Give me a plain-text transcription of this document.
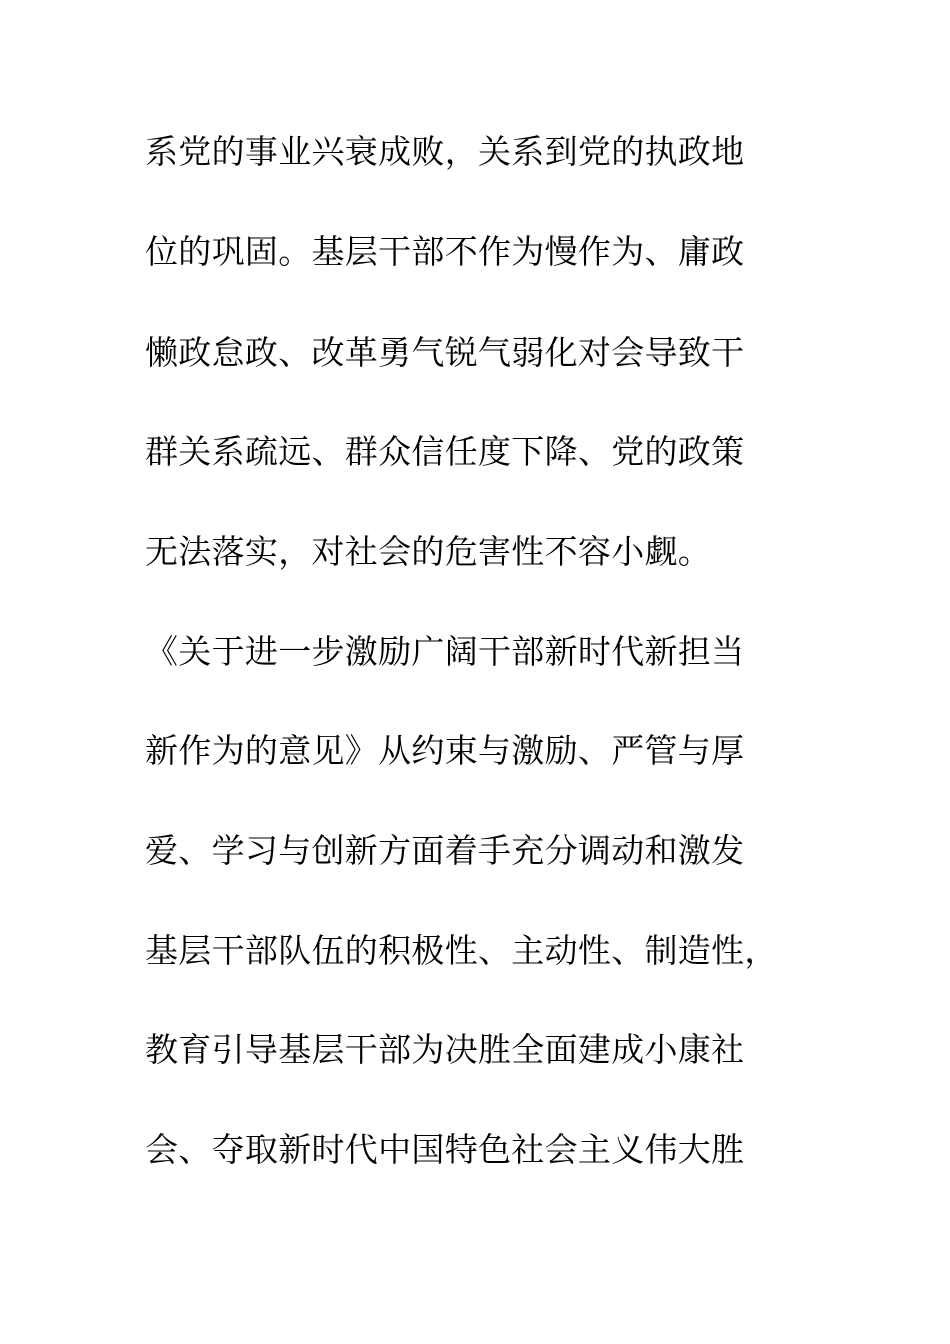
系党的事业兴衰成败，关系到党的执政地
位的巩固。基层干部不作为慢作为、庸政
懒政怠政、改革勇气锐气弱化对会导致干
群关系疏远、群众信任度下降、党的政策
无法落实，对社会的危害性不容小觑。
《关于进一步激励广阔干部新时代新担当
新作为的意见》从约束与激励、严管与厚
爱、学习与创新方面着手充分调动和激发
基层干部队伍的积极性、主动性、制造性，
教育引导基层干部为决胜全面建成小康社
会、夺取新时代中国特色社会主义伟大胜
